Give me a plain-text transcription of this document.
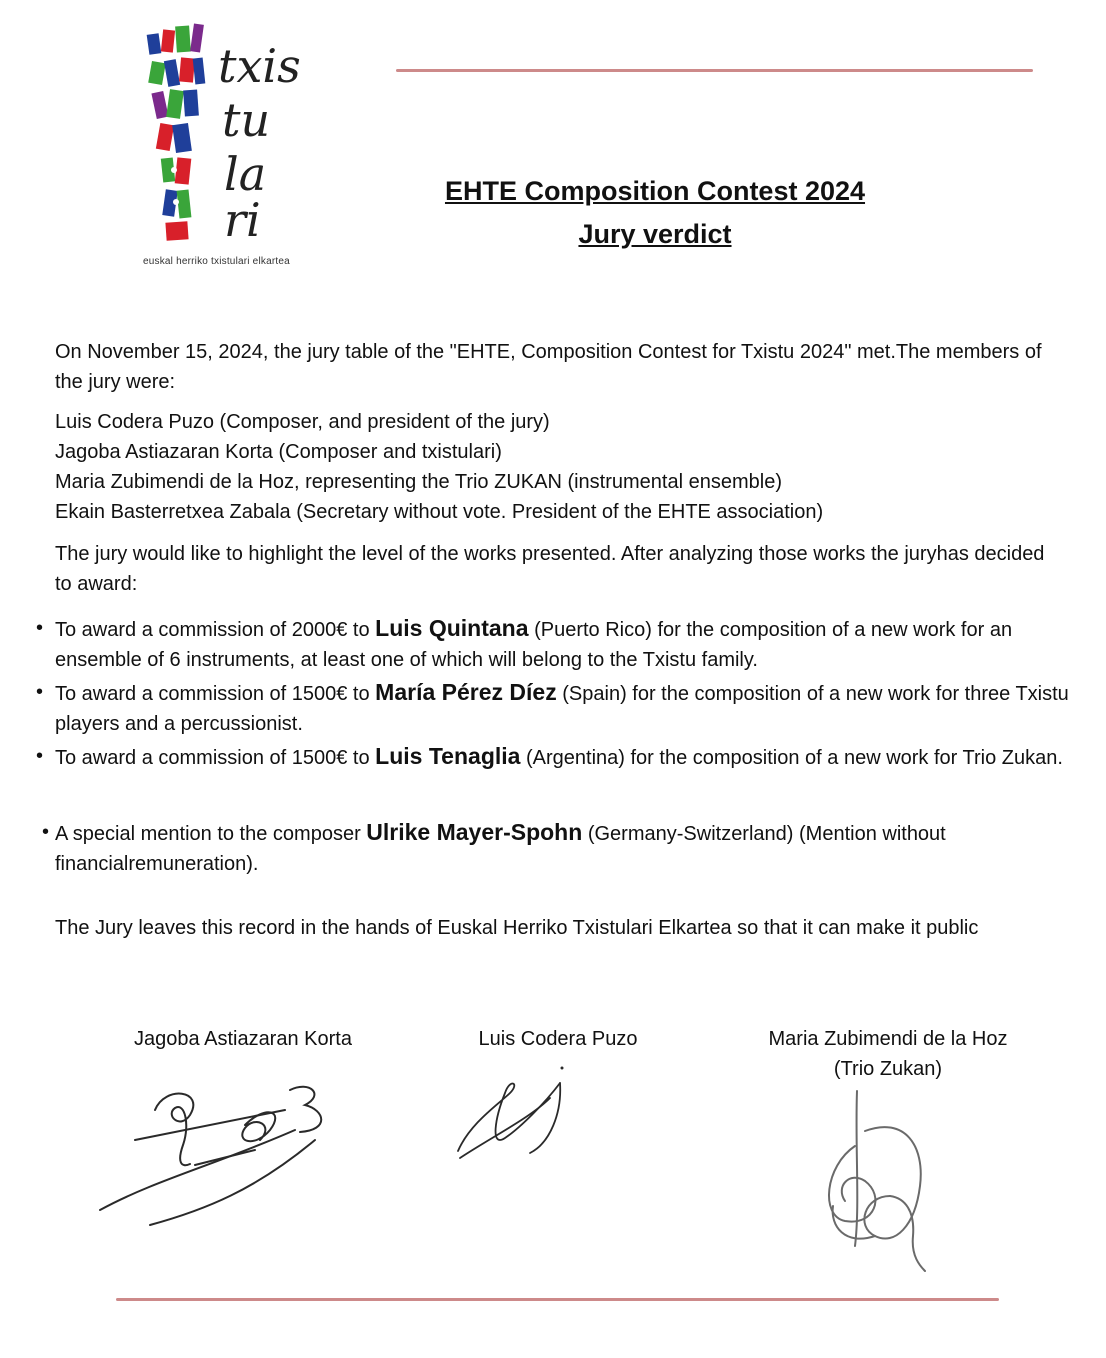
txis
tu
la
ri
euskal herriko txistulari elkartea
EHTE Composition Contest 2024
Jury verdict
On November 15, 2024, the jury table of the "EHTE, Composition Contest for Txistu 2024" met.The members of the jury were:
Luis Codera Puzo (Composer, and president of the jury)
Jagoba Astiazaran Korta (Composer and txistulari)
Maria Zubimendi de la Hoz, representing the Trio ZUKAN (instrumental ensemble)
Ekain Basterretxea Zabala (Secretary without vote. President of the EHTE association)
The jury would like to highlight the level of the works presented. After analyzing those works the juryhas decided to award:
• To award a commission of 2000€ to Luis Quintana (Puerto Rico) for the composition of a new work for an ensemble of 6 instruments, at least one of which will belong to the Txistu family.
• To award a commission of 1500€ to María Pérez Díez (Spain) for the composition of a new work for three Txistu players and a percussionist.
• To award a commission of 1500€ to Luis Tenaglia (Argentina) for the composition of a new work for Trio Zukan.
• A special mention to the composer Ulrike Mayer-Spohn (Germany-Switzerland) (Mention without financialremuneration).
The Jury leaves this record in the hands of Euskal Herriko Txistulari Elkartea so that it can make it public
Jagoba Astiazaran Korta	Luis Codera Puzo	Maria Zubimendi de la Hoz
(Trio Zukan)
